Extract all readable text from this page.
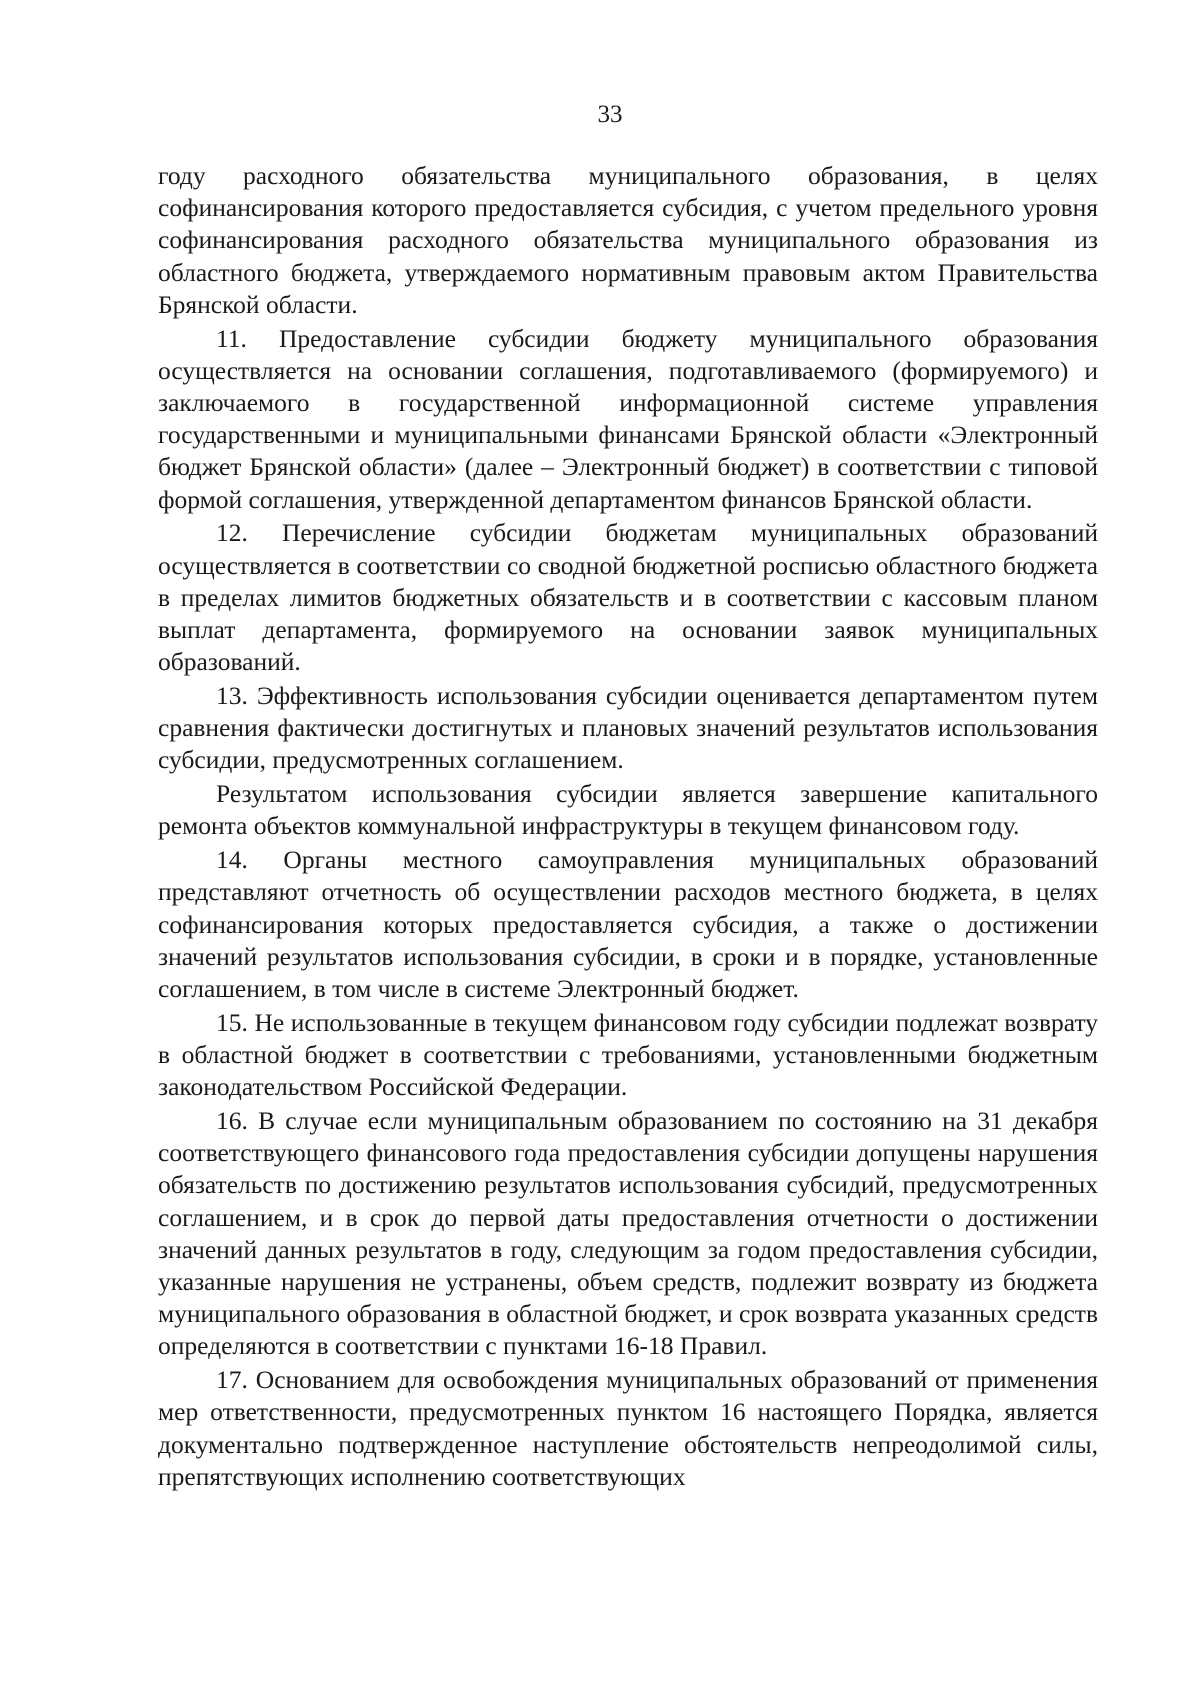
33

году расходного обязательства муниципального образования, в целях софинансирования которого предоставляется субсидия, с учетом предельного уровня софинансирования расходного обязательства муниципального образования из областного бюджета, утверждаемого нормативным правовым актом Правительства Брянской области.

11. Предоставление субсидии бюджету муниципального образования осуществляется на основании соглашения, подготавливаемого (формируемого) и заключаемого в государственной информационной системе управления государственными и муниципальными финансами Брянской области «Электронный бюджет Брянской области» (далее – Электронный бюджет) в соответствии с типовой формой соглашения, утвержденной департаментом финансов Брянской области.

12. Перечисление субсидии бюджетам муниципальных образований осуществляется в соответствии со сводной бюджетной росписью областного бюджета в пределах лимитов бюджетных обязательств и в соответствии с кассовым планом выплат департамента, формируемого на основании заявок муниципальных образований.

13. Эффективность использования субсидии оценивается департаментом путем сравнения фактически достигнутых и плановых значений результатов использования субсидии, предусмотренных соглашением.

Результатом использования субсидии является завершение капитального ремонта объектов коммунальной инфраструктуры в текущем финансовом году.

14. Органы местного самоуправления муниципальных образований представляют отчетность об осуществлении расходов местного бюджета, в целях софинансирования которых предоставляется субсидия, а также о достижении значений результатов использования субсидии, в сроки и в порядке, установленные соглашением, в том числе в системе Электронный бюджет.

15. Не использованные в текущем финансовом году субсидии подлежат возврату в областной бюджет в соответствии с требованиями, установленными бюджетным законодательством Российской Федерации.

16. В случае если муниципальным образованием по состоянию на 31 декабря соответствующего финансового года предоставления субсидии допущены нарушения обязательств по достижению результатов использования субсидий, предусмотренных соглашением, и в срок до первой даты предоставления отчетности о достижении значений данных результатов в году, следующим за годом предоставления субсидии, указанные нарушения не устранены, объем средств, подлежит возврату из бюджета муниципального образования в областной бюджет, и срок возврата указанных средств определяются в соответствии с пунктами 16-18 Правил.

17. Основанием для освобождения муниципальных образований от применения мер ответственности, предусмотренных пунктом 16 настоящего Порядка, является документально подтвержденное наступление обстоятельств непреодолимой силы, препятствующих исполнению соответствующих
